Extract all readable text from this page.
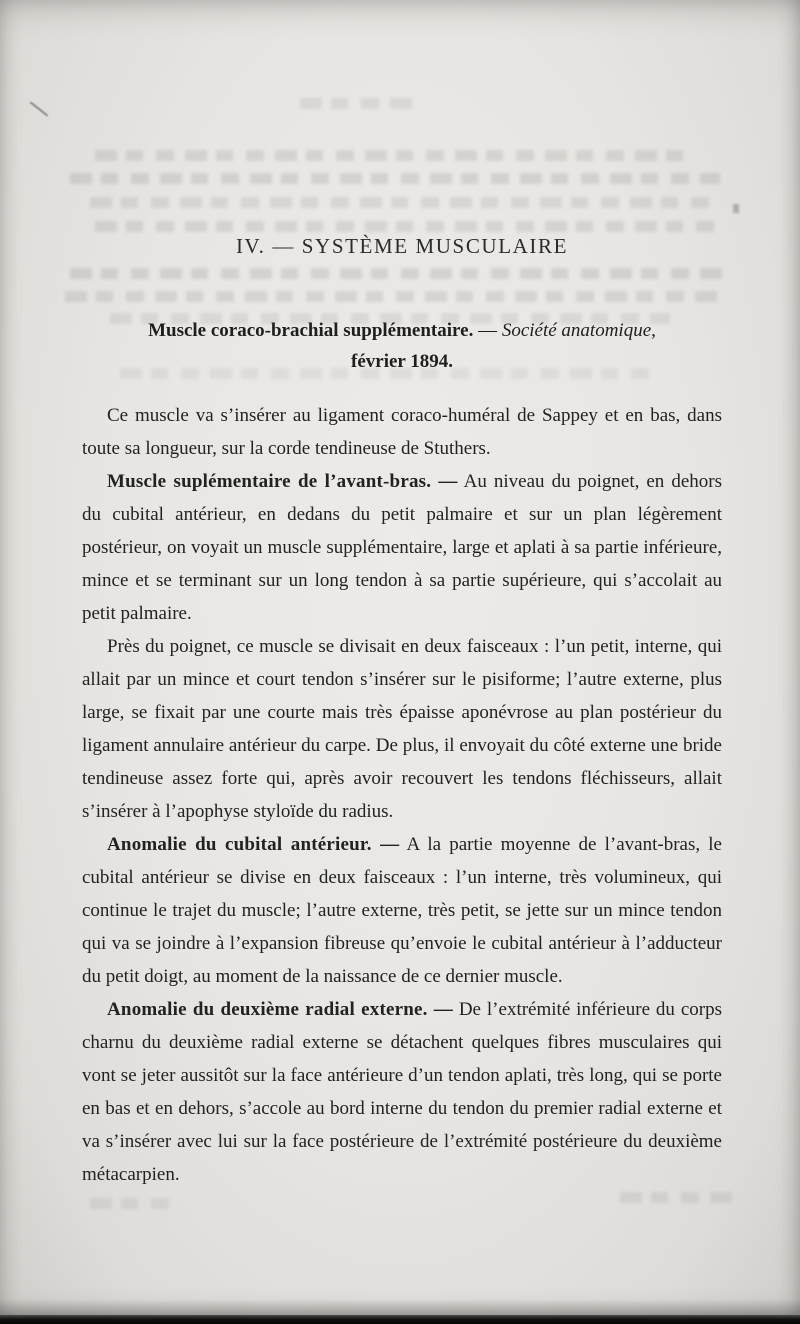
IV. — SYSTÈME MUSCULAIRE
Muscle coraco-brachial supplémentaire. — Société anatomique,
février 1894.

Ce muscle va s’insérer au ligament coraco-huméral de Sappey et en bas, dans toute sa longueur, sur la corde tendineuse de Stuthers.

Muscle suplémentaire de l’avant-bras. — Au niveau du poignet, en dehors du cubital antérieur, en dedans du petit palmaire et sur un plan légèrement postérieur, on voyait un muscle supplémentaire, large et aplati à sa partie inférieure, mince et se terminant sur un long tendon à sa partie supérieure, qui s’accolait au petit palmaire.

Près du poignet, ce muscle se divisait en deux faisceaux : l’un petit, interne, qui allait par un mince et court tendon s’insérer sur le pisiforme; l’autre externe, plus large, se fixait par une courte mais très épaisse aponévrose au plan postérieur du ligament annulaire antérieur du carpe. De plus, il envoyait du côté externe une bride tendineuse assez forte qui, après avoir recouvert les tendons fléchisseurs, allait s’insérer à l’apophyse styloïde du radius.

Anomalie du cubital antérieur. — A la partie moyenne de l’avant-bras, le cubital antérieur se divise en deux faisceaux : l’un interne, très volumineux, qui continue le trajet du muscle; l’autre externe, très petit, se jette sur un mince tendon qui va se joindre à l’expansion fibreuse qu’envoie le cubital antérieur à l’adducteur du petit doigt, au moment de la naissance de ce dernier muscle.

Anomalie du deuxième radial externe. — De l’extrémité inférieure du corps charnu du deuxième radial externe se détachent quelques fibres musculaires qui vont se jeter aussitôt sur la face antérieure d’un tendon aplati, très long, qui se porte en bas et en dehors, s’accole au bord interne du tendon du premier radial externe et va s’insérer avec lui sur la face postérieure de l’extrémité postérieure du deuxième métacarpien.
